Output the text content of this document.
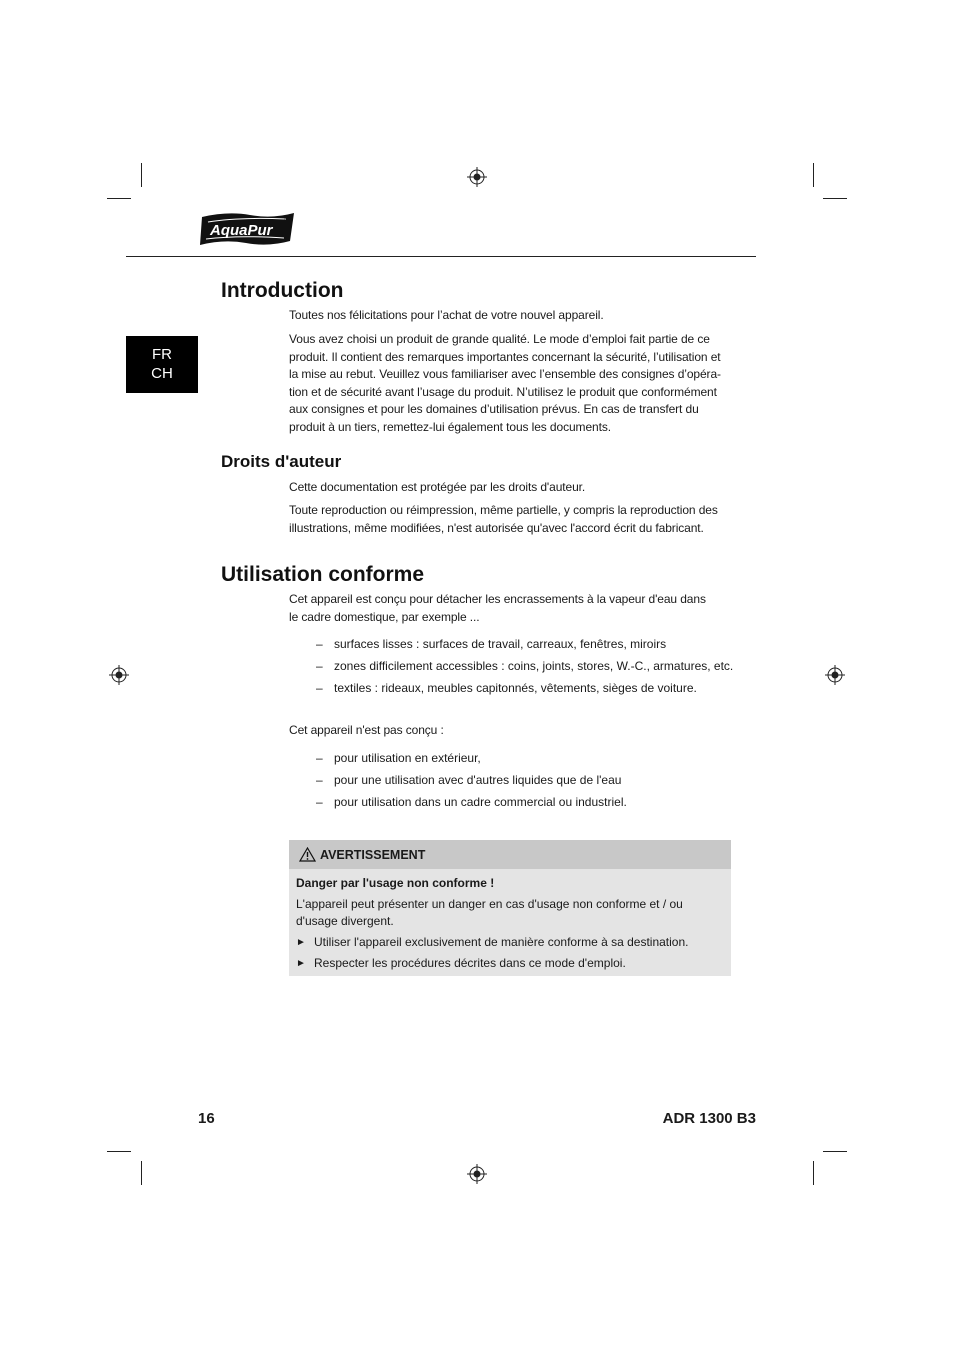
AquaPur
®
FR
CH
Introduction

Toutes nos félicitations pour l’achat de votre nouvel appareil.

Vous avez choisi un produit de grande qualité. Le mode d’emploi fait partie de ce
produit. Il contient des remarques importantes concernant la sécurité, l’utilisation et
la mise au rebut. Veuillez vous familiariser avec l’ensemble des consignes d’opéra-
tion et de sécurité avant l’usage du produit. N’utilisez le produit que conformément
aux consignes et pour les domaines d’utilisation prévus. En cas de transfert du
produit à un tiers, remettez-lui également tous les documents.
Droits d'auteur

Cette documentation est protégée par les droits d'auteur.

Toute reproduction ou réimpression, même partielle, y compris la reproduction des
illustrations, même modifiées, n'est autorisée qu'avec l'accord écrit du fabricant.
Utilisation conforme
Cet appareil est conçu pour détacher les encrassements à la vapeur d'eau dans
le cadre domestique, par exemple ...
– surfaces lisses : surfaces de travail, carreaux, fenêtres, miroirs
– zones difficilement accessibles : coins, joints, stores, W.-C., armatures, etc.
– textiles : rideaux, meubles capitonnés, vêtements, sièges de voiture.

Cet appareil n'est pas conçu :

– pour utilisation en extérieur,
– pour une utilisation avec d'autres liquides que de l'eau
– pour utilisation dans un cadre commercial ou industriel.
AVERTISSEMENT
Danger par l'usage non conforme !
L'appareil peut présenter un danger en cas d'usage non conforme et / ou
d'usage divergent.
► Utiliser l'appareil exclusivement de manière conforme à sa destination.
► Respecter les procédures décrites dans ce mode d'emploi.
16	ADR 1300 B3
